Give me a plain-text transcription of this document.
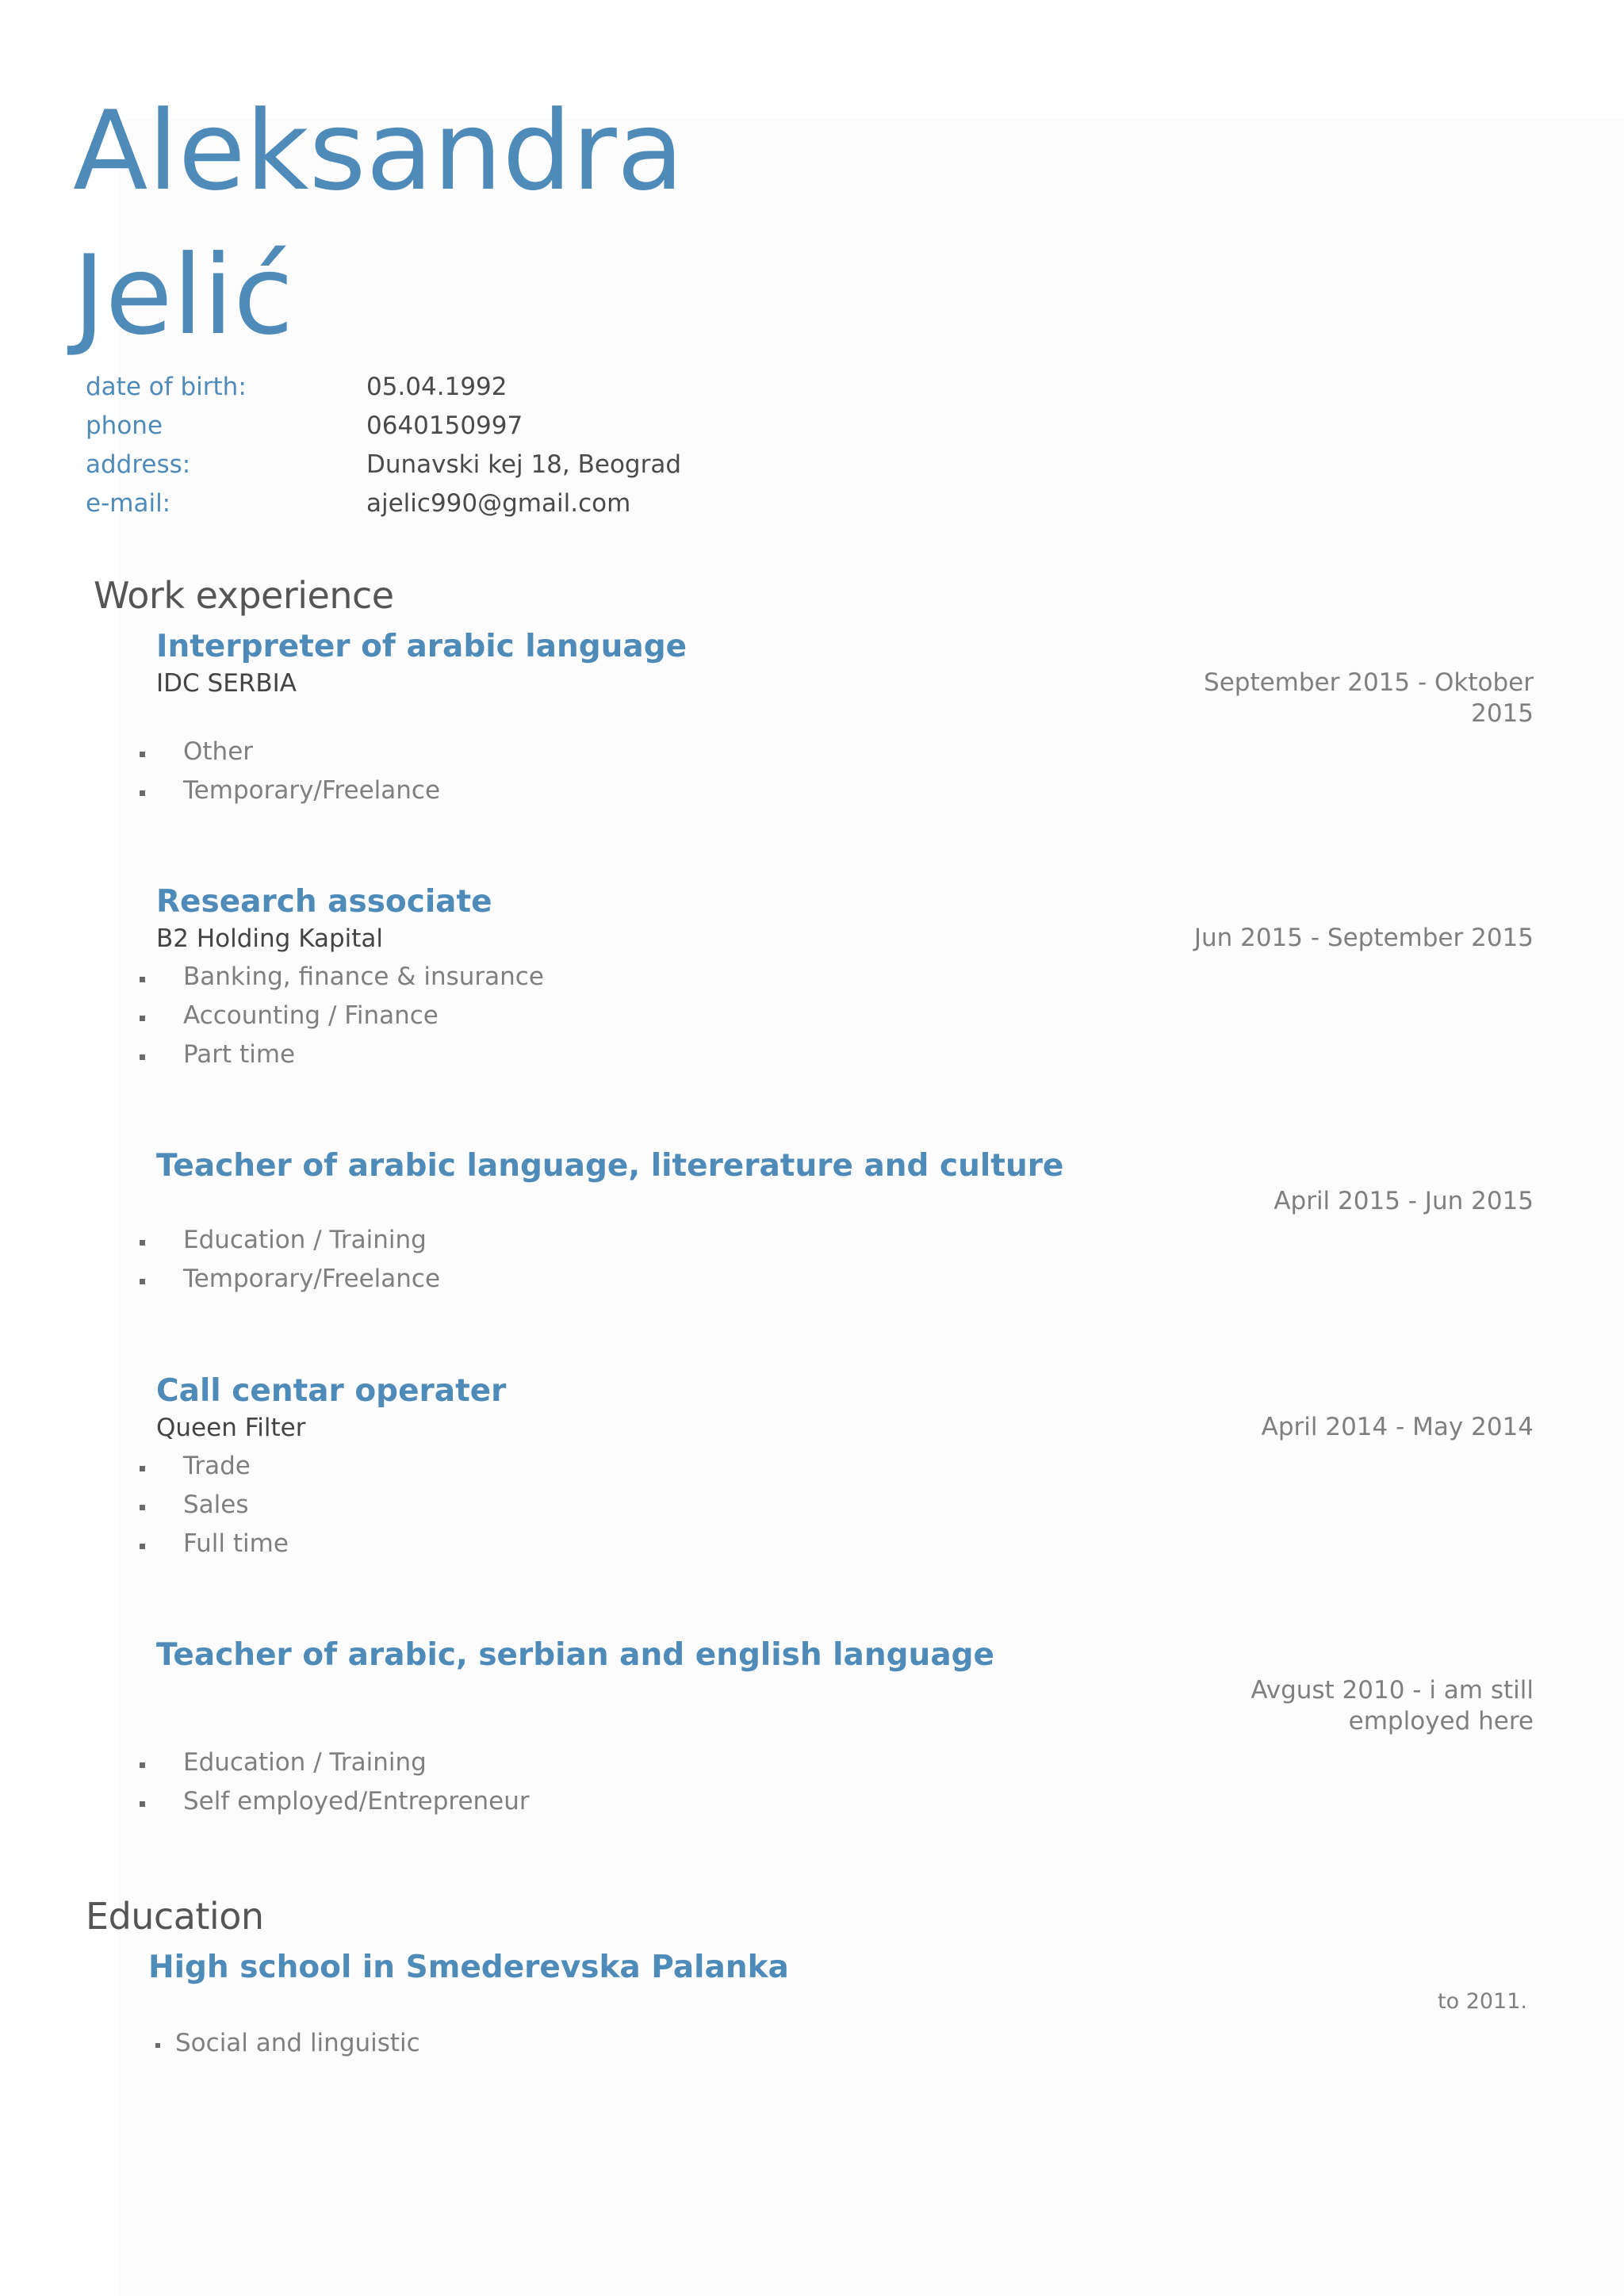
Aleksandra
Jelić
date of birth:	05.04.1992
phone	0640150997
address:	Dunavski kej 18, Beograd
e-mail:	ajelic990@gmail.com
Work experience
Interpreter of arabic language
IDC SERBIA	September 2015 - Oktober
2015
Other
Temporary/Freelance
Research associate
B2 Holding Kapital	Jun 2015 - September 2015
Banking, finance & insurance
Accounting / Finance
Part time
Teacher of arabic language, litererature and culture
April 2015 - Jun 2015
Education / Training
Temporary/Freelance
Call centar operater
Queen Filter	April 2014 - May 2014
Trade
Sales
Full time
Teacher of arabic, serbian and english language
Avgust 2010 - i am still
employed here
Education / Training
Self employed/Entrepreneur
Education
High school in Smederevska Palanka
to 2011.
Social and linguistic
